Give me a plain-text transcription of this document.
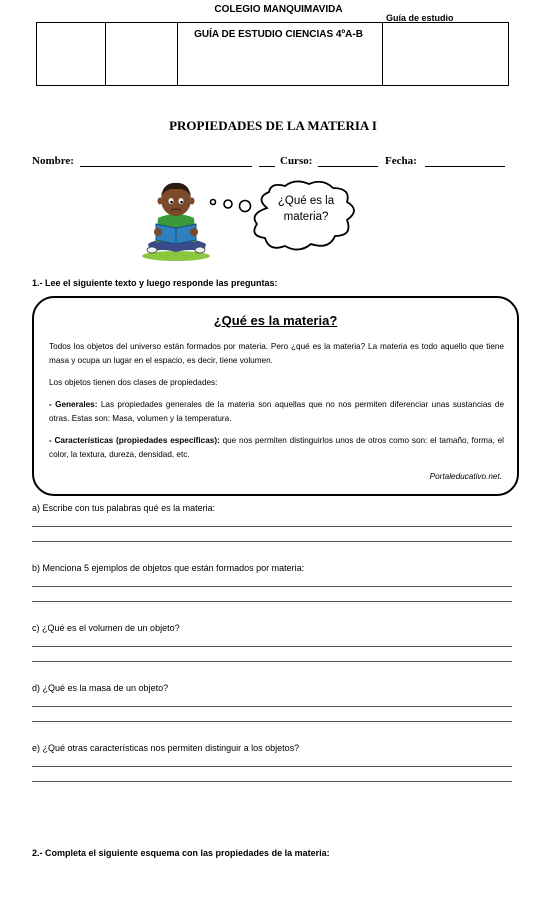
COLEGIO MANQUIMAVIDA
GUÍA DE ESTUDIO CIENCIAS 4ºA-B
Guía de estudio
PROPIEDADES DE LA MATERIA I
Nombre:	Curso:	Fecha:
¿Qué es la
materia?
1.- Lee el siguiente texto y luego responde las preguntas:
¿Qué es la materia?

Todos los objetos del universo están formados por materia. Pero ¿qué es la materia? La materia es todo aquello que tiene masa y ocupa un lugar en el espacio, es decir, tiene volumen.

Los objetos tienen dos clases de propiedades:

- Generales: Las propiedades generales de la materia son aquellas que no nos permiten diferenciar unas sustancias de otras. Estas son: Masa, volumen y la temperatura.

- Características (propiedades específicas): que nos permiten distinguirlos unos de otros como son: el tamaño, forma, el color, la textura, dureza, densidad, etc.

Portaleducativo.net.
a) Escribe con tus palabras qué es la materia:
b) Menciona 5 ejemplos de objetos que están formados por materia:
c) ¿Qué es el volumen de un objeto?
d) ¿Qué es la masa de un objeto?
e) ¿Qué otras características nos permiten distinguir a los objetos?
2.- Completa el siguiente esquema con las propiedades de la materia:
